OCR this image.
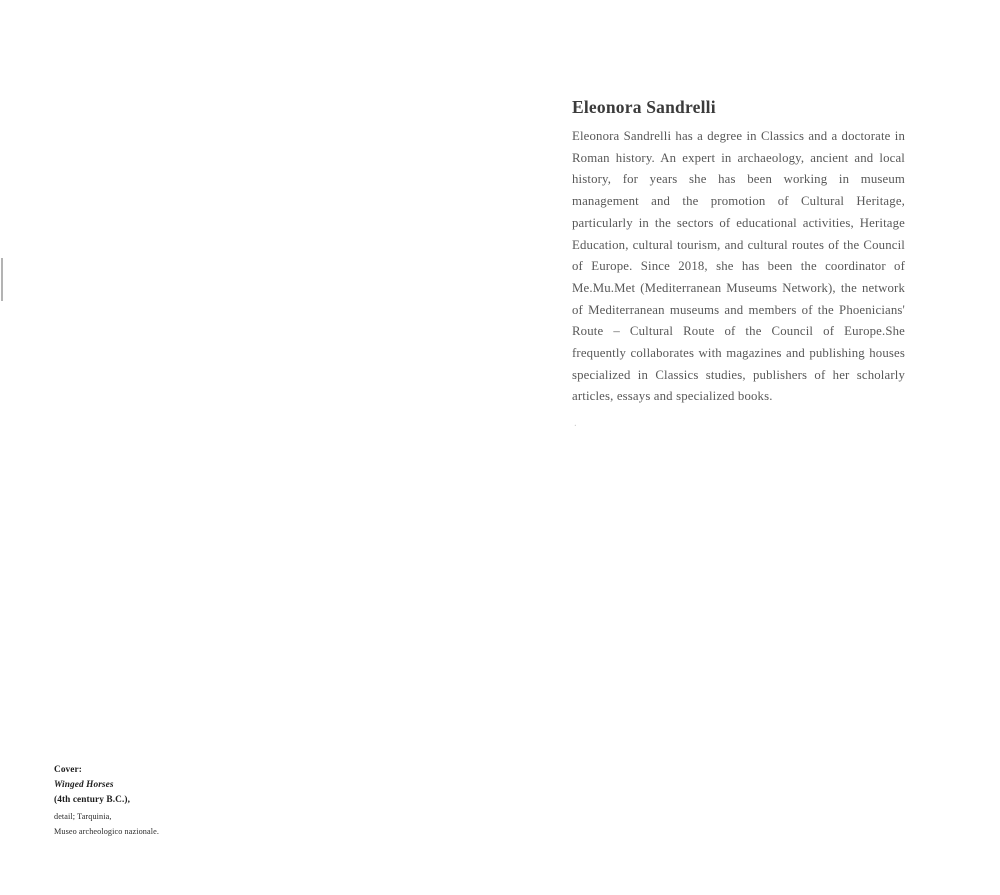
Eleonora Sandrelli

Eleonora Sandrelli has a degree in Classics and a doctorate in Roman history. An expert in archaeology, ancient and local history, for years she has been working in museum management and the promotion of Cultural Heritage, particularly in the sectors of educational activities, Heritage Education, cultural tourism, and cultural routes of the Council of Europe. Since 2018, she has been the coordinator of Me.Mu.Met (Mediterranean Museums Network), the network of Mediterranean museums and members of the Phoenicians' Route – Cultural Route of the Council of Europe.She frequently collaborates with magazines and publishing houses specialized in Classics studies, publishers of her scholarly articles, essays and specialized books.

.

Cover:
Winged Horses
(4th century B.C.),
detail; Tarquinia,
Museo archeologico nazionale.
